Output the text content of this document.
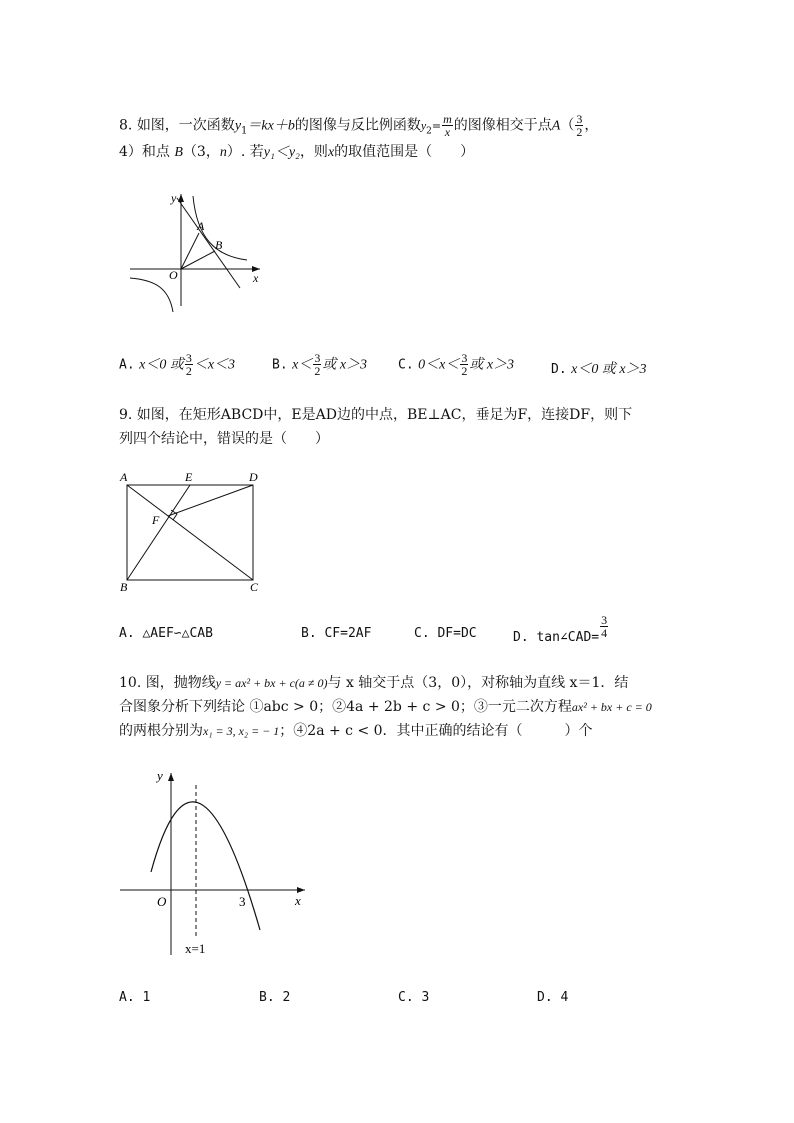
8. 如图，一次函数$y_1=kx+b$的图像与反比例函数$y_2= \frac{m}{x}$ 的图像相交于点$A( \frac{3}{2}$ ，
4）和点 B（3，n）. 若y₁＜y₂，则x的取值范围是（　　）
y
x
O
A
B
A. x＜0 或 $\frac{3}{2} <x<3$	B. $x< \frac{3}{2}$ 或 x＞3 C. $0<x< \frac{3}{2}$ 或 x＞3	D. x＜0 或 x＞3
9. 如图，在矩形ABCD中，E是AD边的中点，BE⊥AC，垂足为F，连接DF，则下
列四个结论中，错误的是（　　）
A	E	D
F
B	C
A. △AEF∽△CAB	B. CF=2AF	C. DF=DC	D. tan∠CAD= $\frac{3}{4}$
10. 图，抛物线y = ax² + bx + c(a ≠ 0)与 x 轴交于点（3，0），对称轴为直线 x＝1．结
合图象分析下列结论 ①abc > 0；②4a + 2b + c > 0；③一元二次方程ax² + bx + c = 0
的两根分别为x₁ = 3, x₂ = − 1；④2a + c < 0．其中正确的结论有（　　　）个
y
x
O	3
x=1
A. 1	B. 2	C. 3	D. 4
